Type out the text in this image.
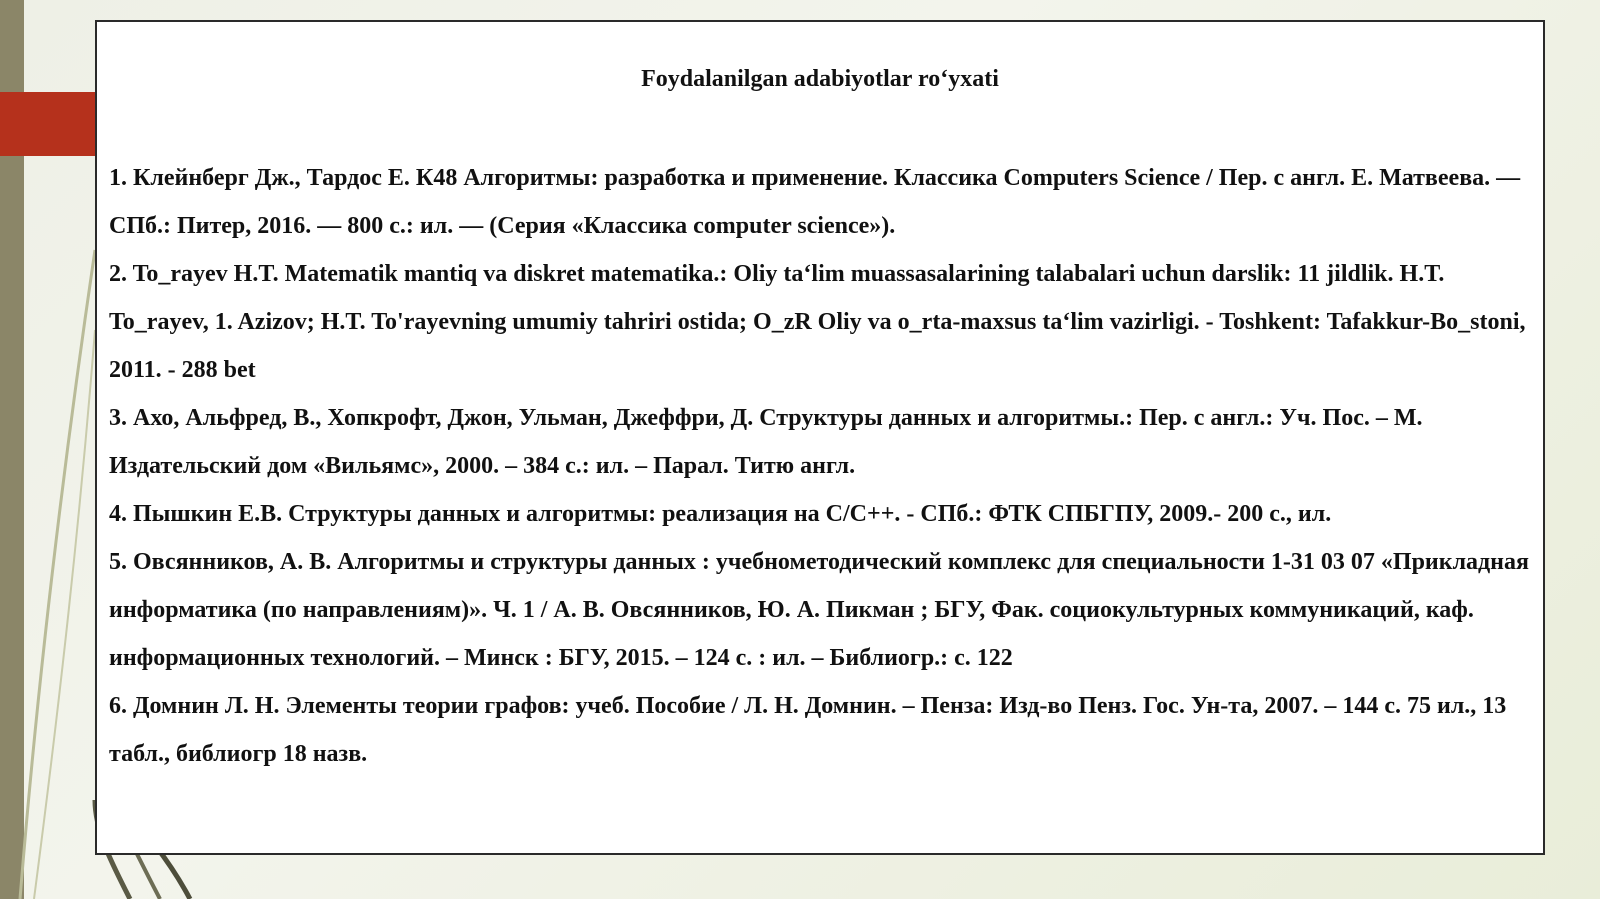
Foydalanilgan adabiyotlar ro‘yxati
1. Клейнберг Дж., Тардос Е. К48 Алгоритмы: разработка и применение. Классика Computers Science / Пер. с англ. Е. Матвеева. — СПб.: Питер, 2016. — 800 с.: ил. — (Серия «Классика computer science»).
2. To_rayev H.T. Matematik mantiq va diskret matematika.: Oliy ta‘lim muassasalarining talabalari uchun darslik: 11 jildlik. H.T. To_rayev, 1. Azizov; H.T. To'rayevning umumiy tahriri ostida; O_zR Oliy va o_rta-maxsus ta‘lim vazirligi. - Toshkent: Tafakkur-Bo_stoni, 2011. - 288 bet
3. Ахо, Альфред, В., Хопкрофт, Джон, Ульман, Джеффри, Д. Структуры данных и алгоритмы.: Пер. с англ.: Уч. Пос. – М. Издательский дом «Вильямс», 2000. – 384 с.: ил. – Парал. Титю англ.
4. Пышкин Е.В. Структуры данных и алгоритмы: реализация на C/C++. - СПб.: ФТК СПБГПУ, 2009.- 200 с., ил.
5. Овсянников, А. В. Алгоритмы и структуры данных : учебнометодический комплекс для специальности 1-31 03 07 «Прикладная информатика (по направлениям)». Ч. 1 / А. В. Овсянников, Ю. А. Пикман ; БГУ, Фак. социокультурных коммуникаций, каф. информационных технологий. – Минск : БГУ, 2015. – 124 с. : ил. – Библиогр.: с. 122
6. Домнин Л. Н. Элементы теории графов: учеб. Пособие / Л. Н. Домнин. – Пенза: Изд-во Пенз. Гос. Ун-та, 2007. – 144 с. 75 ил., 13 табл., библиогр 18 назв.
